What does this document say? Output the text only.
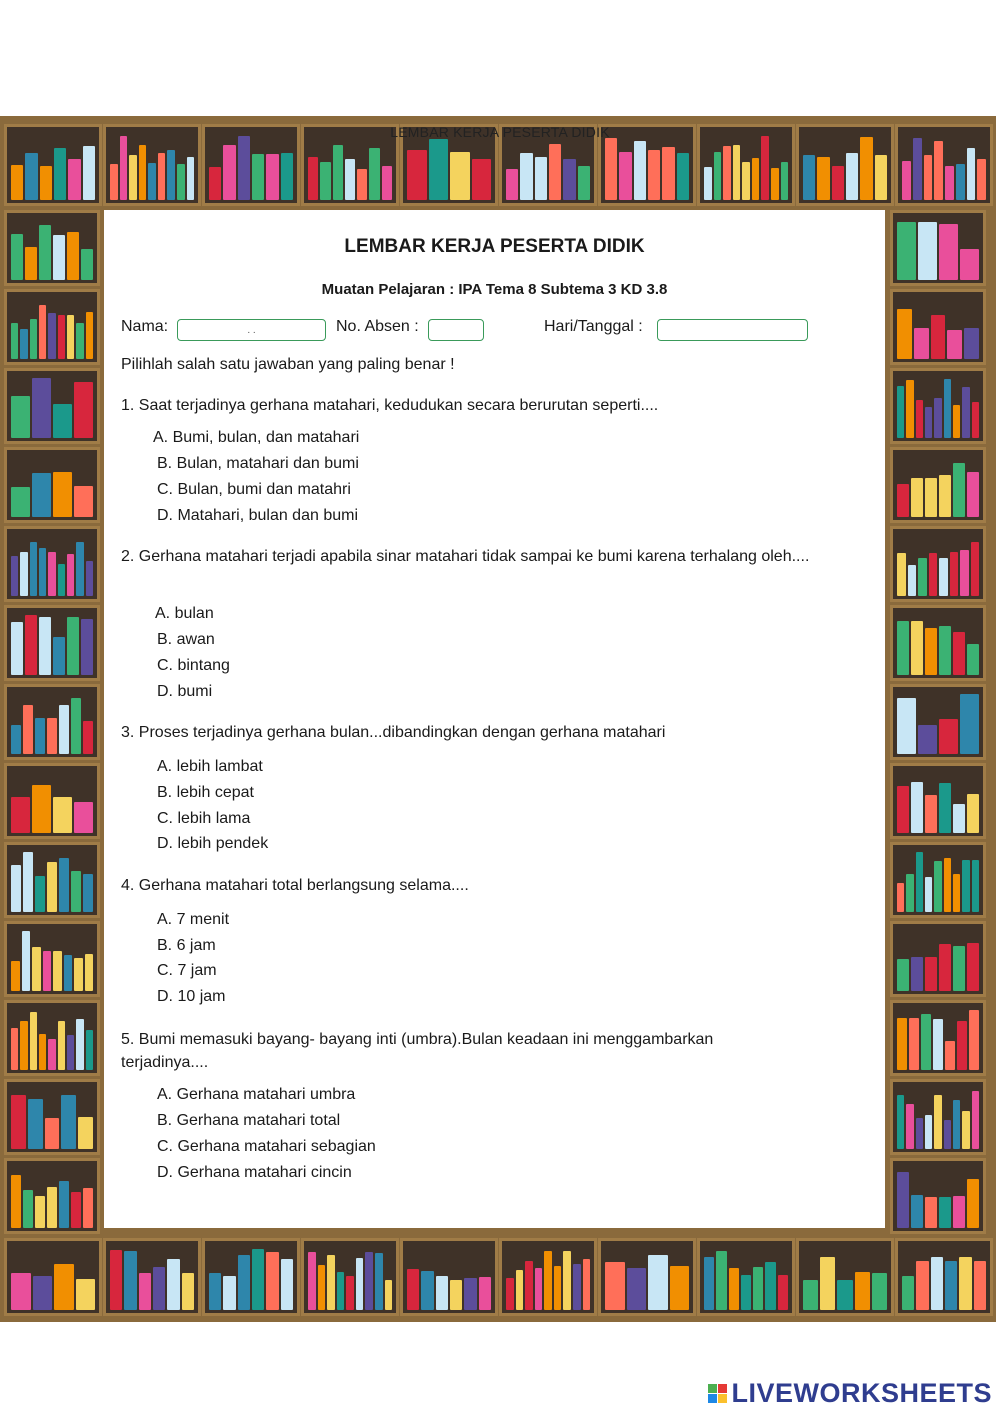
LEMBAR KERJA PESERTA DIDIK
LEMBAR KERJA PESERTA DIDIK
Muatan Pelajaran : IPA Tema 8 Subtema 3 KD 3.8
Nama:	. .	No. Absen :	Hari/Tanggal :
Pilihlah salah satu jawaban yang paling benar !
1. Saat terjadinya gerhana matahari, kedudukan secara berurutan seperti....
A. Bumi, bulan, dan matahari
B. Bulan, matahari dan bumi
C. Bulan, bumi dan matahri
D. Matahari, bulan dan bumi
2. Gerhana matahari terjadi apabila sinar matahari tidak sampai ke bumi karena terhalang oleh....
A. bulan
B. awan
C. bintang
D. bumi
3. Proses terjadinya gerhana bulan...dibandingkan dengan gerhana matahari
A. lebih lambat
B. lebih cepat
C. lebih lama
D. lebih pendek
4. Gerhana matahari total berlangsung selama....
A. 7 menit
B. 6 jam
C. 7 jam
D. 10 jam
5. Bumi memasuki bayang- bayang inti (umbra).Bulan keadaan ini menggambarkan terjadinya....
A. Gerhana matahari umbra
B. Gerhana matahari total
C. Gerhana matahari sebagian
D. Gerhana matahari cincin
LIVEWORKSHEETS
